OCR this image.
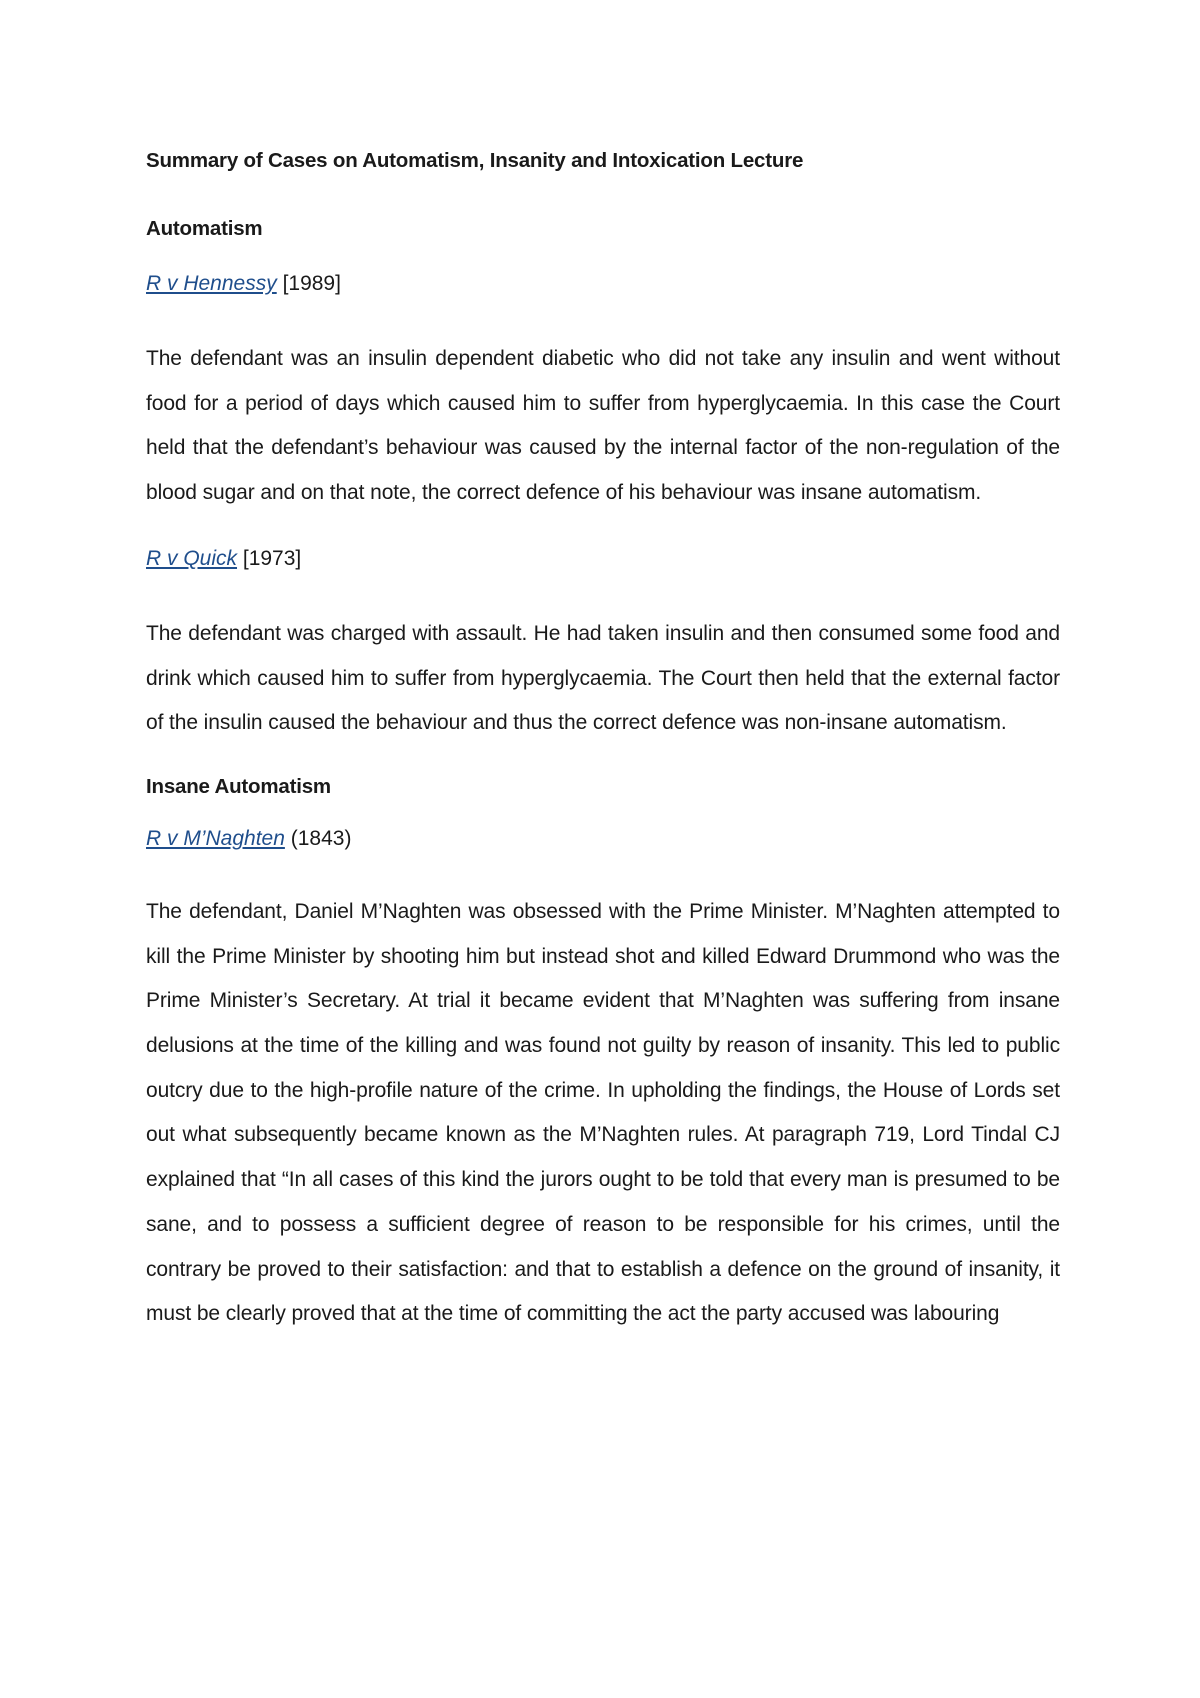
Summary of Cases on Automatism, Insanity and Intoxication Lecture
Automatism
R v Hennessy [1989]

The defendant was an insulin dependent diabetic who did not take any insulin and went without food for a period of days which caused him to suffer from hyperglycaemia. In this case the Court held that the defendant’s behaviour was caused by the internal factor of the non-regulation of the blood sugar and on that note, the correct defence of his behaviour was insane automatism.

R v Quick [1973]

The defendant was charged with assault. He had taken insulin and then consumed some food and drink which caused him to suffer from hyperglycaemia. The Court then held that the external factor of the insulin caused the behaviour and thus the correct defence was non-insane automatism.

Insane Automatism
R v M’Naghten (1843)

The defendant, Daniel M’Naghten was obsessed with the Prime Minister. M’Naghten attempted to kill the Prime Minister by shooting him but instead shot and killed Edward Drummond who was the Prime Minister’s Secretary. At trial it became evident that M’Naghten was suffering from insane delusions at the time of the killing and was found not guilty by reason of insanity. This led to public outcry due to the high-profile nature of the crime. In upholding the findings, the House of Lords set out what subsequently became known as the M’Naghten rules. At paragraph 719, Lord Tindal CJ explained that “In all cases of this kind the jurors ought to be told that every man is presumed to be sane, and to possess a sufficient degree of reason to be responsible for his crimes, until the contrary be proved to their satisfaction: and that to establish a defence on the ground of insanity, it must be clearly proved that at the time of committing the act the party accused was labouring
